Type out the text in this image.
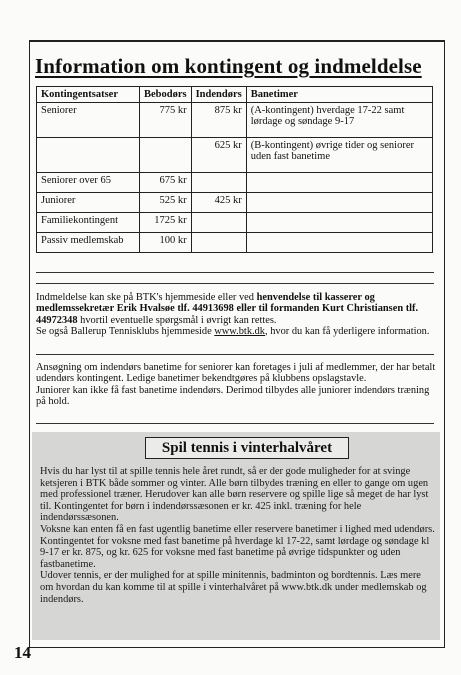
Information om kontingent og indmeldelse
Kontingentsatser	Bebodørs	Indendørs	Banetimer
Seniorer	775 kr	875 kr	(A-kontingent) hverdage 17-22 samt lørdage og søndage 9-17
		625 kr	(B-kontingent) øvrige tider og seniorer uden fast banetime
Seniorer over 65	675 kr		
Juniorer	525 kr	425 kr	
Familiekontingent	1725 kr		
Passiv medlemskab	100 kr		

Indmeldelse kan ske på BTK's hjemmeside eller ved henvendelse til kasserer og medlemssekretær Erik Hvalsøe tlf. 44913698 eller til formanden Kurt Christiansen tlf. 44972348 hvortil eventuelle spørgsmål i øvrigt kan rettes.

Se også Ballerup Tennisklubs hjemmeside www.btk.dk, hvor du kan få yderligere information.

Ansøgning om indendørs banetime for seniorer kan foretages i juli af medlemmer, der har betalt udendørs kontingent. Ledige banetimer bekendtgøres på klubbens opslagstavle.

Juniorer kan ikke få fast banetime indendørs. Derimod tilbydes alle juniorer indendørs træning på hold.

Spil tennis i vinterhalvåret

Hvis du har lyst til at spille tennis hele året rundt, så er der gode muligheder for at svinge ketsjeren i BTK både sommer og vinter. Alle børn tilbydes træning en eller to gange om ugen med professionel træner. Herudover kan alle børn reservere og spille lige så meget de har lyst til. Kontingentet for børn i indendørssæsonen er kr. 425 inkl. træning for hele indendørssæsonen.

Voksne kan enten få en fast ugentlig banetime eller reservere banetimer i lighed med udendørs. Kontingentet for voksne med fast banetime på hverdage kl 17-22, samt lørdage og søndage kl 9-17 er kr. 875, og kr. 625 for voksne med fast banetime på øvrige tidspunkter og uden fastbanetime.

Udover tennis, er der mulighed for at spille minitennis, badminton og bordtennis. Læs mere om hvordan du kan komme til at spille i vinterhalvåret på www.btk.dk under medlemskab og indendørs.

14
